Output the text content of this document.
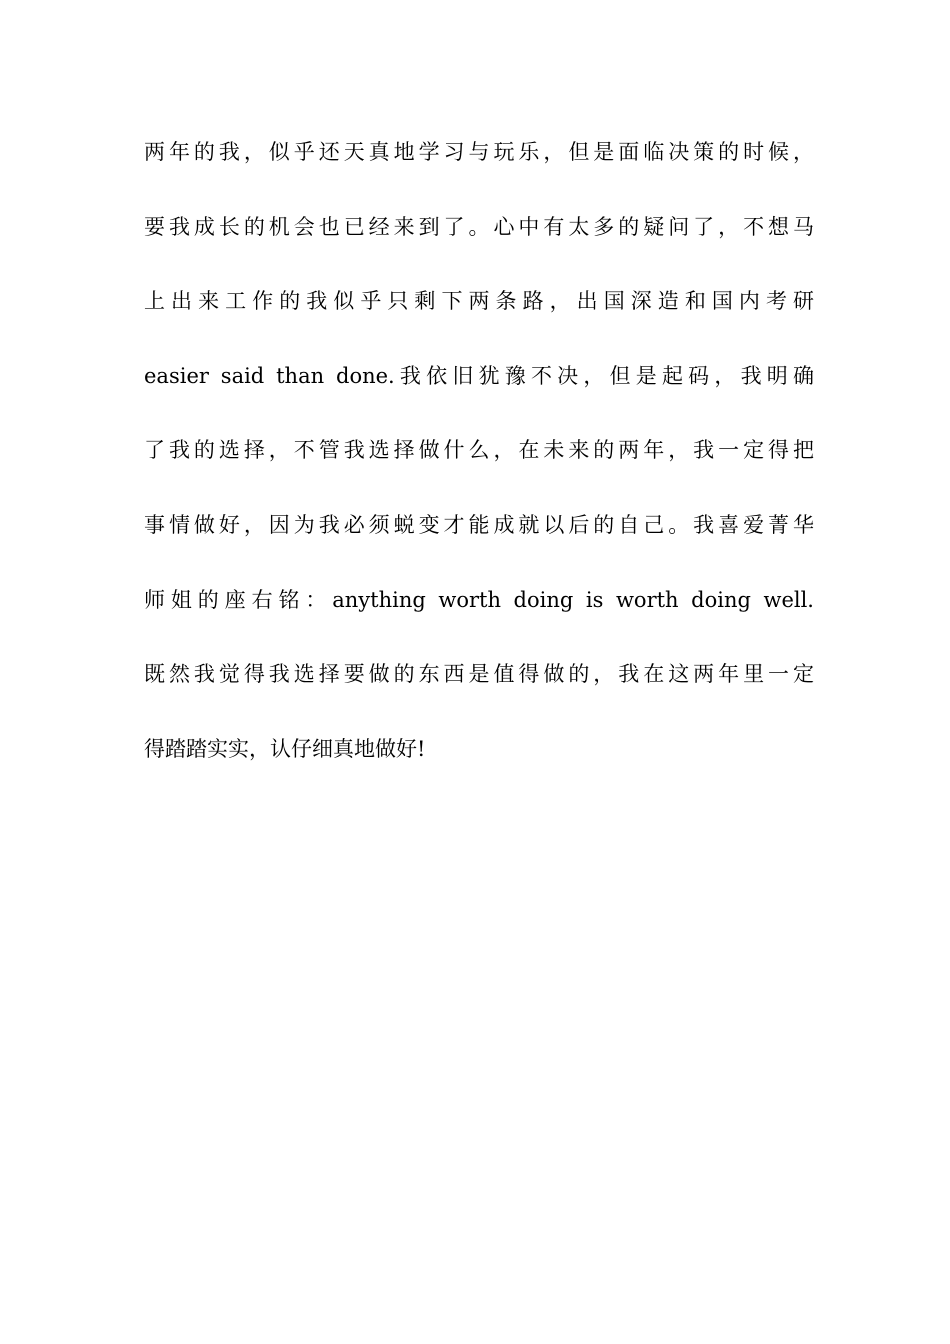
两年的我，似乎还天真地学习与玩乐，但是面临决策的时候，
要我成长的机会也已经来到了。心中有太多的疑问了，不想马
上出来工作的我似乎只剩下两条路，出国深造和国内考研
easier said than done.我依旧犹豫不决，但是起码，我明确
了我的选择，不管我选择做什么，在未来的两年，我一定得把
事情做好，因为我必须蜕变才能成就以后的自己。我喜爱菁华
师姐的座右铭：anything worth doing is worth doing well.
既然我觉得我选择要做的东西是值得做的，我在这两年里一定
得踏踏实实，认仔细真地做好!
